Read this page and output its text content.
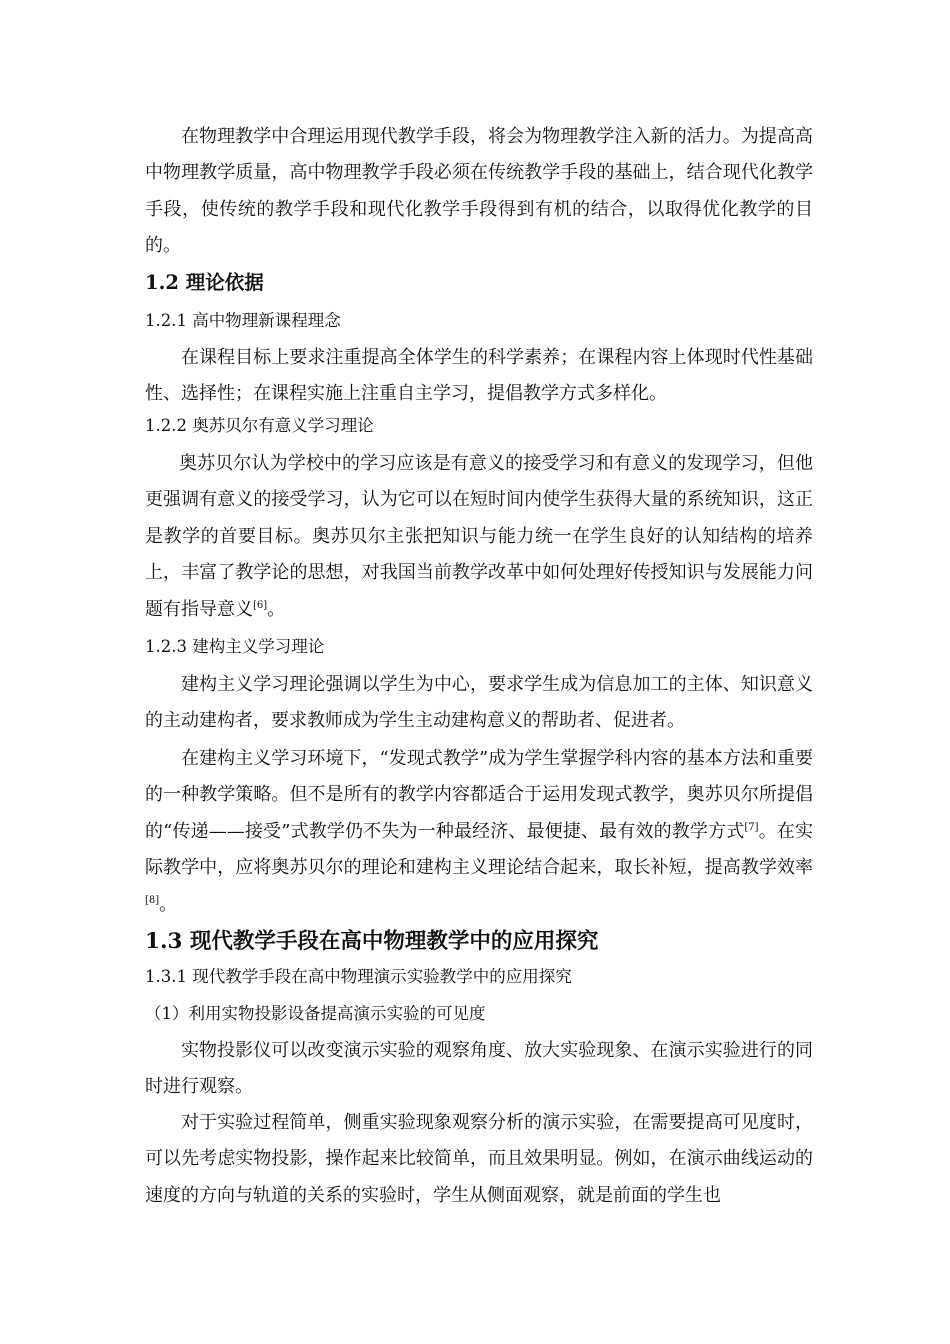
在物理教学中合理运用现代教学手段，将会为物理教学注入新的活力。为提高高中物理教学质量，高中物理教学手段必须在传统教学手段的基础上，结合现代化教学手段，使传统的教学手段和现代化教学手段得到有机的结合，以取得优化教学的目的。

1.2 理论依据
1.2.1 高中物理新课程理念

在课程目标上要求注重提高全体学生的科学素养；在课程内容上体现时代性基础性、选择性；在课程实施上注重自主学习，提倡教学方式多样化。

1.2.2 奥苏贝尔有意义学习理论

奥苏贝尔认为学校中的学习应该是有意义的接受学习和有意义的发现学习，但他更强调有意义的接受学习，认为它可以在短时间内使学生获得大量的系统知识，这正是教学的首要目标。奥苏贝尔主张把知识与能力统一在学生良好的认知结构的培养上，丰富了教学论的思想，对我国当前教学改革中如何处理好传授知识与发展能力问题有指导意义[6]。

1.2.3 建构主义学习理论

建构主义学习理论强调以学生为中心，要求学生成为信息加工的主体、知识意义的主动建构者，要求教师成为学生主动建构意义的帮助者、促进者。

在建构主义学习环境下，“发现式教学”成为学生掌握学科内容的基本方法和重要的一种教学策略。但不是所有的教学内容都适合于运用发现式教学，奥苏贝尔所提倡的“传递——接受”式教学仍不失为一种最经济、最便捷、最有效的教学方式[7]。在实际教学中，应将奥苏贝尔的理论和建构主义理论结合起来，取长补短，提高教学效率[8]。

1.3 现代教学手段在高中物理教学中的应用探究
1.3.1 现代教学手段在高中物理演示实验教学中的应用探究
（1）利用实物投影设备提高演示实验的可见度

实物投影仪可以改变演示实验的观察角度、放大实验现象、在演示实验进行的同时进行观察。

对于实验过程简单，侧重实验现象观察分析的演示实验，在需要提高可见度时，可以先考虑实物投影，操作起来比较简单，而且效果明显。例如，在演示曲线运动的速度的方向与轨道的关系的实验时，学生从侧面观察，就是前面的学生也
